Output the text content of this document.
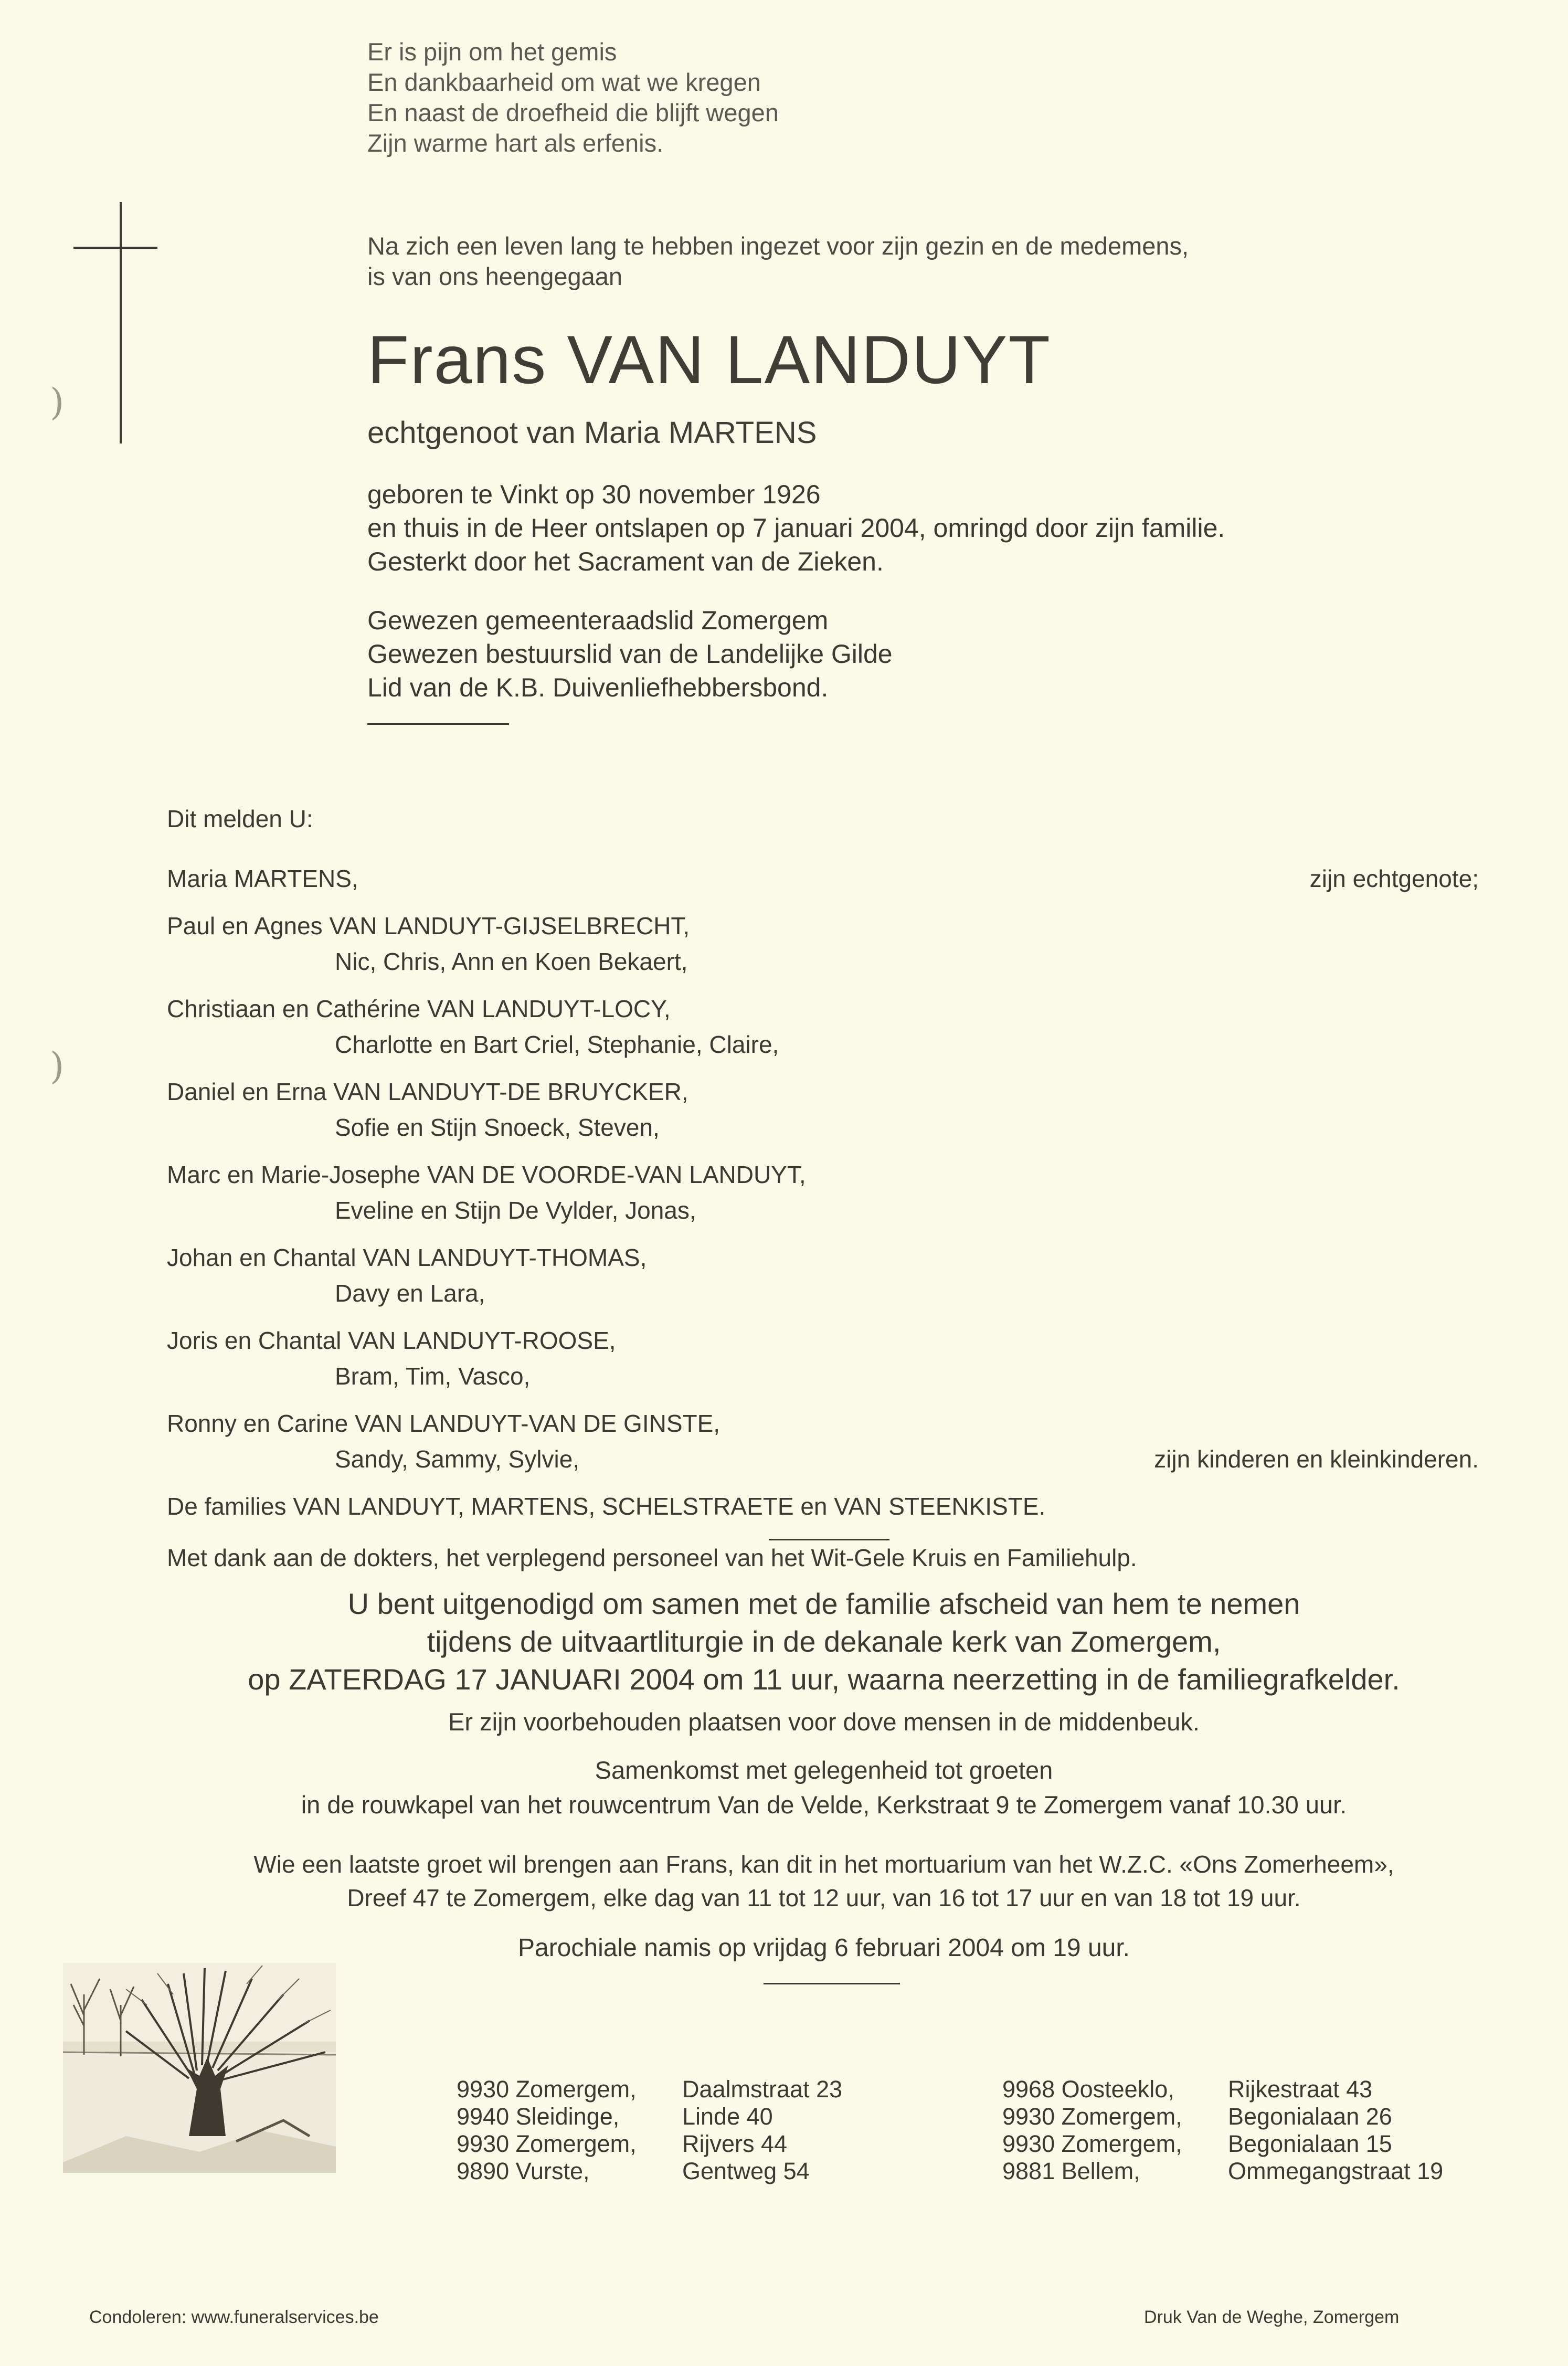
)
)
Er is pijn om het gemis
En dankbaarheid om wat we kregen
En naast de droefheid die blijft wegen
Zijn warme hart als erfenis.
Na zich een leven lang te hebben ingezet voor zijn gezin en de medemens,
is van ons heengegaan
Frans VAN LANDUYT
echtgenoot van Maria MARTENS
geboren te Vinkt op 30 november 1926
en thuis in de Heer ontslapen op 7 januari 2004, omringd door zijn familie.
Gesterkt door het Sacrament van de Zieken.
Gewezen gemeenteraadslid Zomergem
Gewezen bestuurslid van de Landelijke Gilde
Lid van de K.B. Duivenliefhebbersbond.
Dit melden U:
Maria MARTENS,	zijn echtgenote;
Paul en Agnes VAN LANDUYT-GIJSELBRECHT,
Nic, Chris, Ann en Koen Bekaert,
Christiaan en Cathérine VAN LANDUYT-LOCY,
Charlotte en Bart Criel, Stephanie, Claire,
Daniel en Erna VAN LANDUYT-DE BRUYCKER,
Sofie en Stijn Snoeck, Steven,
Marc en Marie-Josephe VAN DE VOORDE-VAN LANDUYT,
Eveline en Stijn De Vylder, Jonas,
Johan en Chantal VAN LANDUYT-THOMAS,
Davy en Lara,
Joris en Chantal VAN LANDUYT-ROOSE,
Bram, Tim, Vasco,
Ronny en Carine VAN LANDUYT-VAN DE GINSTE,
Sandy, Sammy, Sylvie,	zijn kinderen en kleinkinderen.
De families VAN LANDUYT, MARTENS, SCHELSTRAETE en VAN STEENKISTE.
Met dank aan de dokters, het verplegend personeel van het Wit-Gele Kruis en Familiehulp.
U bent uitgenodigd om samen met de familie afscheid van hem te nemen
tijdens de uitvaartliturgie in de dekanale kerk van Zomergem,
op ZATERDAG 17 JANUARI 2004 om 11 uur, waarna neerzetting in de familiegrafkelder.
Er zijn voorbehouden plaatsen voor dove mensen in de middenbeuk.
Samenkomst met gelegenheid tot groeten
in de rouwkapel van het rouwcentrum Van de Velde, Kerkstraat 9 te Zomergem vanaf 10.30 uur.
Wie een laatste groet wil brengen aan Frans, kan dit in het mortuarium van het W.Z.C. «Ons Zomerheem»,
Dreef 47 te Zomergem, elke dag van 11 tot 12 uur, van 16 tot 17 uur en van 18 tot 19 uur.
Parochiale namis op vrijdag 6 februari 2004 om 19 uur.
9930 Zomergem,	Daalmstraat 23
9940 Sleidinge,	Linde 40
9930 Zomergem,	Rijvers 44
9890 Vurste,	Gentweg 54
9968 Oosteeklo,	Rijkestraat 43
9930 Zomergem,	Begonialaan 26
9930 Zomergem,	Begonialaan 15
9881 Bellem,	Ommegangstraat 19
Condoleren: www.funeralservices.be	Druk Van de Weghe, Zomergem
